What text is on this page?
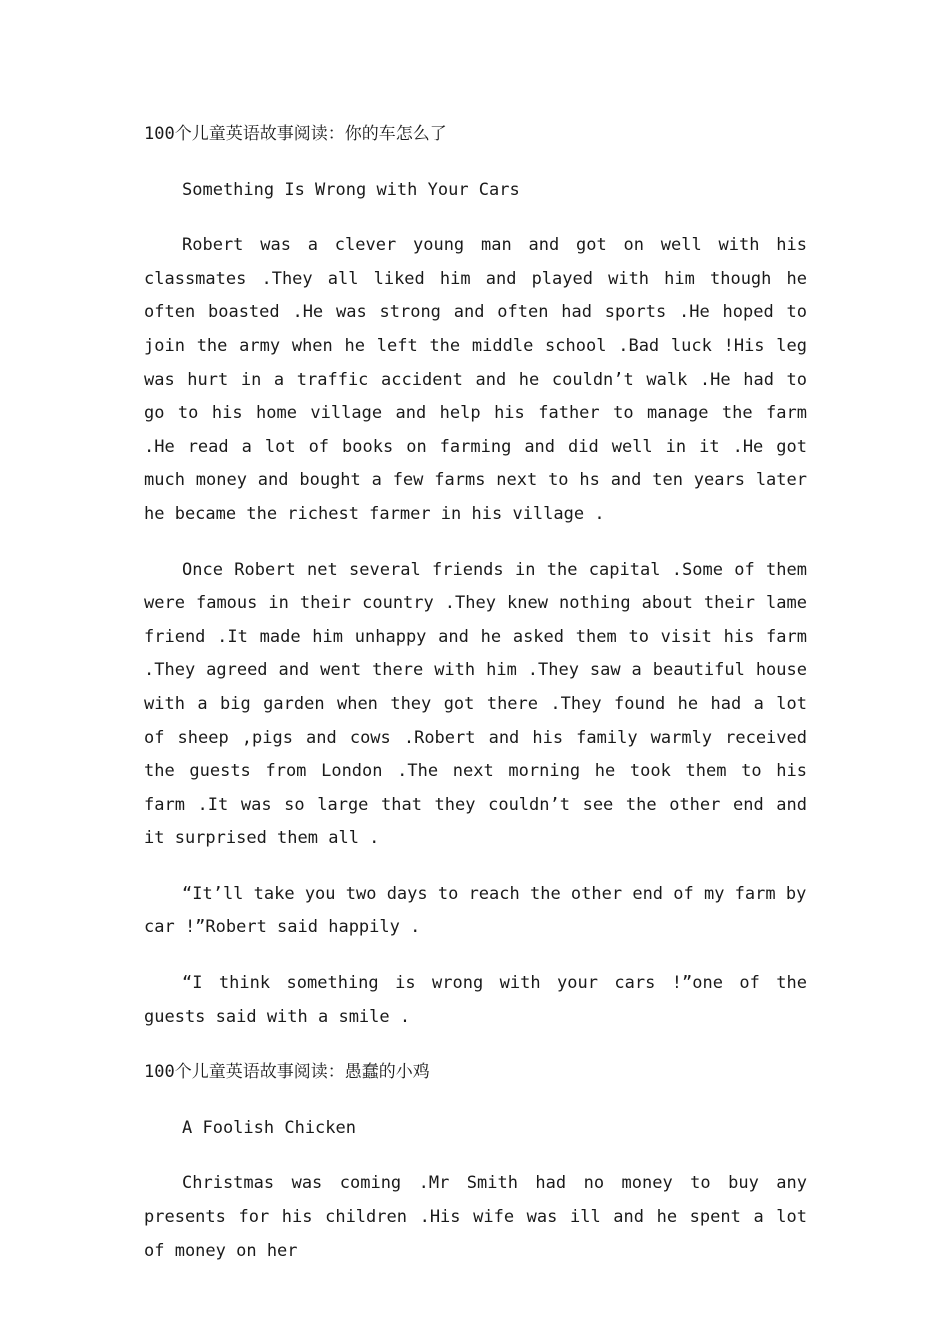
100个儿童英语故事阅读：你的车怎么了

Something Is Wrong with Your Cars

Robert was a clever young man and got on well with his classmates .They all liked him and played with him though he often boasted .He was strong and often had sports .He hoped to join the army when he left the middle school .Bad luck !His leg was hurt in a traffic accident and he couldn’t walk .He had to go to his home village and help his father to manage the farm .He read a lot of books on farming and did well in it .He got much money and bought a few farms next to hs and ten years later he became the richest farmer in his village .

Once Robert net several friends in the capital .Some of them were famous in their country .They knew nothing about their lame friend .It made him unhappy and he asked them to visit his farm .They agreed and went there with him .They saw a beautiful house with a big garden when they got there .They found he had a lot of sheep ,pigs and cows .Robert and his family warmly received the guests from London .The next morning he took them to his farm .It was so large that they couldn’t see the other end and it surprised them all .

“It’ll take you two days to reach the other end of my farm by car !”Robert said happily .

“I think something is wrong with your cars !”one of the guests said with a smile .

100个儿童英语故事阅读：愚蠢的小鸡

A Foolish Chicken

Christmas was coming .Mr Smith had no money to buy any presents for his children .His wife was ill and he spent a lot of money on her
